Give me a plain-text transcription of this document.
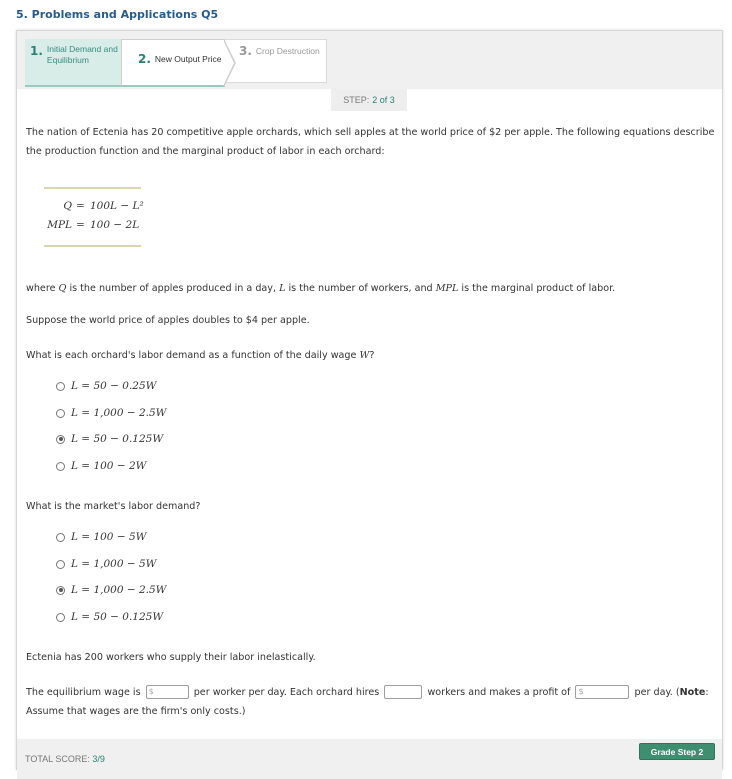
5. Problems and Applications Q5
1. Initial Demand and Equilibrium	2. New Output Price
3. Crop Destruction
STEP: 2 of 3
The nation of Ectenia has 20 competitive apple orchards, which sell apples at the world price of $2 per apple. The following equations describe the production function and the marginal product of labor in each orchard:
Q = 100L − L²
MPL = 100 − 2L
where Q is the number of apples produced in a day, L is the number of workers, and MPL is the marginal product of labor.
Suppose the world price of apples doubles to $4 per apple.
What is each orchard's labor demand as a function of the daily wage W?
L = 50 − 0.25W
L = 1,000 − 2.5W
L = 50 − 0.125W
L = 100 − 2W
What is the market's labor demand?
L = 100 − 5W
L = 1,000 − 5W
L = 1,000 − 2.5W
L = 50 − 0.125W
Ectenia has 200 workers who supply their labor inelastically.
The equilibrium wage is $	per worker per day. Each orchard hires	workers and makes a profit of $	per day. (Note: Assume that wages are the firm's only costs.)
TOTAL SCORE: 3/9
Grade Step 2
